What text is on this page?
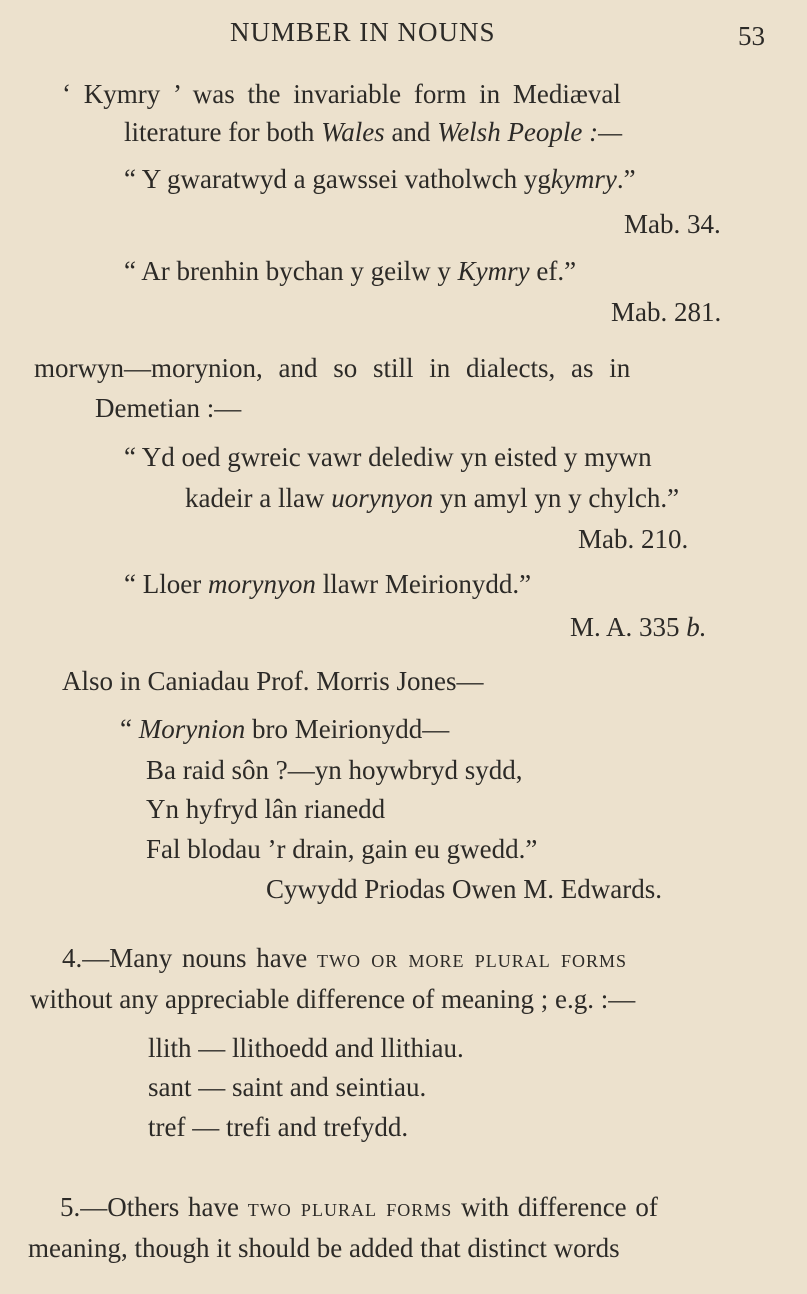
NUMBER IN NOUNS	53
‘ Kymry ’ was the invariable form in Mediæval
literature for both Wales and Welsh People :—
“ Y gwaratwyd a gawssei vatholwch ygkymry.”
Mab. 34.
“ Ar brenhin bychan y geilw y Kymry ef.”
Mab. 281.
morwyn—morynion, and so still in dialects, as in
Demetian :—
“ Yd oed gwreic vawr delediw yn eisted y mywn
kadeir a llaw uorynyon yn amyl yn y chylch.”
Mab. 210.
“ Lloer morynyon llawr Meirionydd.”
M. A. 335 b.
Also in Caniadau Prof. Morris Jones—
“ Morynion bro Meirionydd—
Ba raid sôn ?—yn hoywbryd sydd,
Yn hyfryd lân rianedd
Fal blodau ’r drain, gain eu gwedd.”
Cywydd Priodas Owen M. Edwards.
4.—Many nouns have two or more plural forms
without any appreciable difference of meaning ; e.g. :—
llith — llithoedd and llithiau.
sant — saint and seintiau.
tref — trefi and trefydd.
5.—Others have two plural forms with difference of
meaning, though it should be added that distinct words
